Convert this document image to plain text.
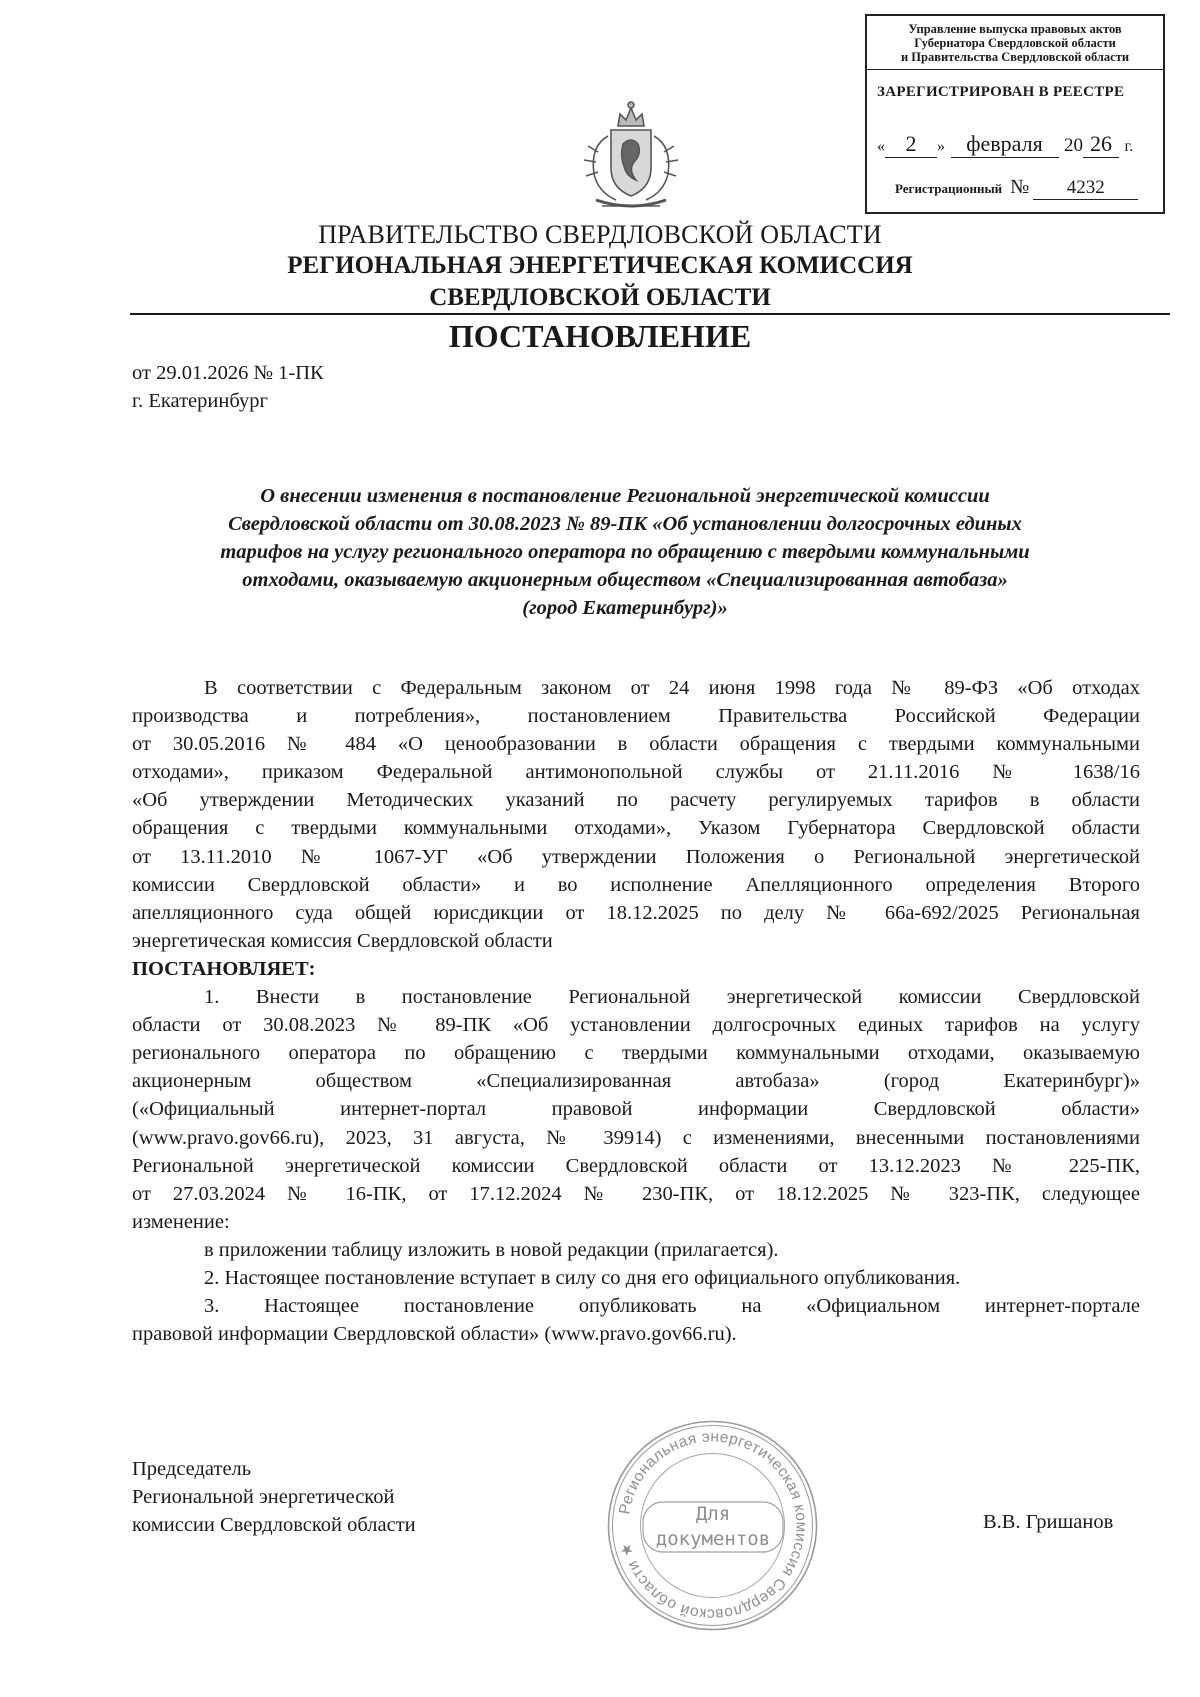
Управление выпуска правовых актов
Губернатора Свердловской области
и Правительства Свердловской области
ЗАРЕГИСТРИРОВАН В РЕЕСТРЕ
« 2 » февраля 20 26 г.
Регистрационный № 4232
ПРАВИТЕЛЬСТВО СВЕРДЛОВСКОЙ ОБЛАСТИ
РЕГИОНАЛЬНАЯ ЭНЕРГЕТИЧЕСКАЯ КОМИССИЯ
СВЕРДЛОВСКОЙ ОБЛАСТИ
ПОСТАНОВЛЕНИЕ
от 29.01.2026 № 1-ПК
г. Екатеринбург
О внесении изменения в постановление Региональной энергетической комиссии
Свердловской области от 30.08.2023 № 89-ПК «Об установлении долгосрочных единых
тарифов на услугу регионального оператора по обращению с твердыми коммунальными
отходами, оказываемую акционерным обществом «Специализированная автобаза»
(город Екатеринбург)»
В соответствии с Федеральным законом от 24 июня 1998 года № 89-ФЗ «Об отходах
производства и потребления», постановлением Правительства Российской Федерации
от 30.05.2016 № 484 «О ценообразовании в области обращения с твердыми коммунальными
отходами», приказом Федеральной антимонопольной службы от 21.11.2016 № 1638/16
«Об утверждении Методических указаний по расчету регулируемых тарифов в области
обращения с твердыми коммунальными отходами», Указом Губернатора Свердловской области
от 13.11.2010 № 1067-УГ «Об утверждении Положения о Региональной энергетической
комиссии Свердловской области» и во исполнение Апелляционного определения Второго
апелляционного суда общей юрисдикции от 18.12.2025 по делу № 66а-692/2025 Региональная
энергетическая комиссия Свердловской области
ПОСТАНОВЛЯЕТ:
1. Внести в постановление Региональной энергетической комиссии Свердловской
области от 30.08.2023 № 89-ПК «Об установлении долгосрочных единых тарифов на услугу
регионального оператора по обращению с твердыми коммунальными отходами, оказываемую
акционерным обществом «Специализированная автобаза» (город Екатеринбург)»
(«Официальный интернет-портал правовой информации Свердловской области»
(www.pravo.gov66.ru), 2023, 31 августа, № 39914) с изменениями, внесенными постановлениями
Региональной энергетической комиссии Свердловской области от 13.12.2023 № 225-ПК,
от 27.03.2024 № 16-ПК, от 17.12.2024 № 230-ПК, от 18.12.2025 № 323-ПК, следующее
изменение:
в приложении таблицу изложить в новой редакции (прилагается).
2. Настоящее постановление вступает в силу со дня его официального опубликования.
3. Настоящее постановление опубликовать на «Официальном интернет-портале
правовой информации Свердловской области» (www.pravo.gov66.ru).
Председатель
Региональной энергетической
комиссии Свердловской области	В.В. Гришанов
Региональная энергетическая комиссия Свердловской области ★
Для
документов
